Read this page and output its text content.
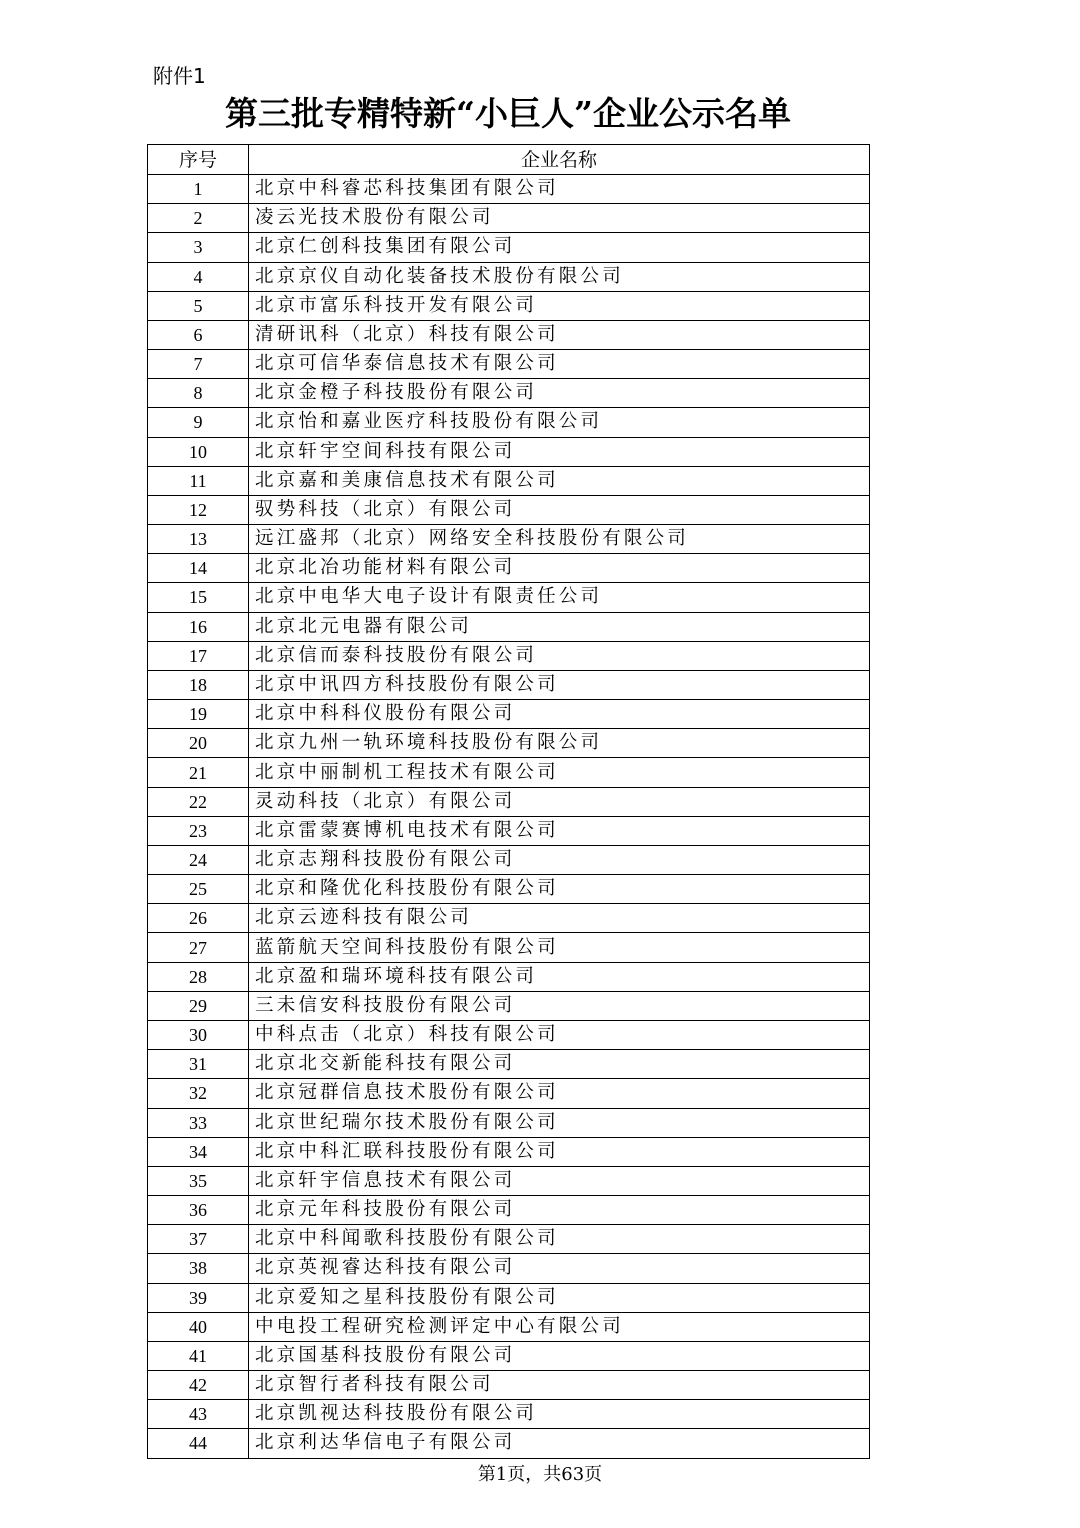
附件1
第三批专精特新“小巨人”企业公示名单
序号	企业名称
1	北京中科睿芯科技集团有限公司
2	凌云光技术股份有限公司
3	北京仁创科技集团有限公司
4	北京京仪自动化装备技术股份有限公司
5	北京市富乐科技开发有限公司
6	清研讯科（北京）科技有限公司
7	北京可信华泰信息技术有限公司
8	北京金橙子科技股份有限公司
9	北京怡和嘉业医疗科技股份有限公司
10	北京轩宇空间科技有限公司
11	北京嘉和美康信息技术有限公司
12	驭势科技（北京）有限公司
13	远江盛邦（北京）网络安全科技股份有限公司
14	北京北冶功能材料有限公司
15	北京中电华大电子设计有限责任公司
16	北京北元电器有限公司
17	北京信而泰科技股份有限公司
18	北京中讯四方科技股份有限公司
19	北京中科科仪股份有限公司
20	北京九州一轨环境科技股份有限公司
21	北京中丽制机工程技术有限公司
22	灵动科技（北京）有限公司
23	北京雷蒙赛博机电技术有限公司
24	北京志翔科技股份有限公司
25	北京和隆优化科技股份有限公司
26	北京云迹科技有限公司
27	蓝箭航天空间科技股份有限公司
28	北京盈和瑞环境科技有限公司
29	三未信安科技股份有限公司
30	中科点击（北京）科技有限公司
31	北京北交新能科技有限公司
32	北京冠群信息技术股份有限公司
33	北京世纪瑞尔技术股份有限公司
34	北京中科汇联科技股份有限公司
35	北京轩宇信息技术有限公司
36	北京元年科技股份有限公司
37	北京中科闻歌科技股份有限公司
38	北京英视睿达科技有限公司
39	北京爱知之星科技股份有限公司
40	中电投工程研究检测评定中心有限公司
41	北京国基科技股份有限公司
42	北京智行者科技有限公司
43	北京凯视达科技股份有限公司
44	北京利达华信电子有限公司
第1页，共63页
